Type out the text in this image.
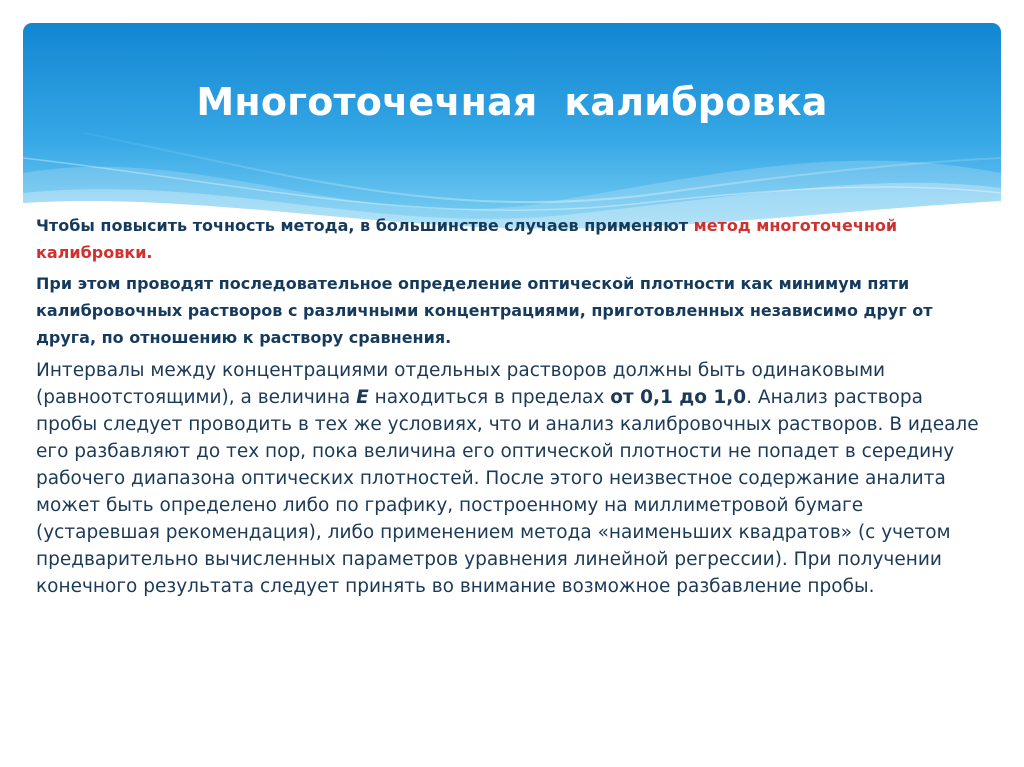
Многоточечная  калибровка

Чтобы повысить точность метода, в большинстве случаев применяют метод многоточечной калибровки.

При этом проводят последовательное определение оптической плотности как минимум пяти калибровочных растворов с различными концентрациями, приготовленных независимо друг от друга, по отношению к раствору сравнения.

Интервалы между концентрациями отдельных растворов должны быть одинаковыми (равноотстоящими), а величина E находиться в пределах от 0,1 до 1,0. Анализ раствора пробы следует проводить в тех же условиях, что и анализ калибровочных растворов. В идеале его разбавляют до тех пор, пока величина его оптической плотности не попадет в середину рабочего диапазона оптических плотностей. После этого неизвестное содержание аналита может быть определено либо по графику, построенному на миллиметровой бумаге (устаревшая рекомендация), либо применением метода «наименьших квадратов» (с учетом предварительно вычисленных параметров уравнения линейной регрессии). При получении конечного результата следует принять во внимание возможное разбавление пробы.
